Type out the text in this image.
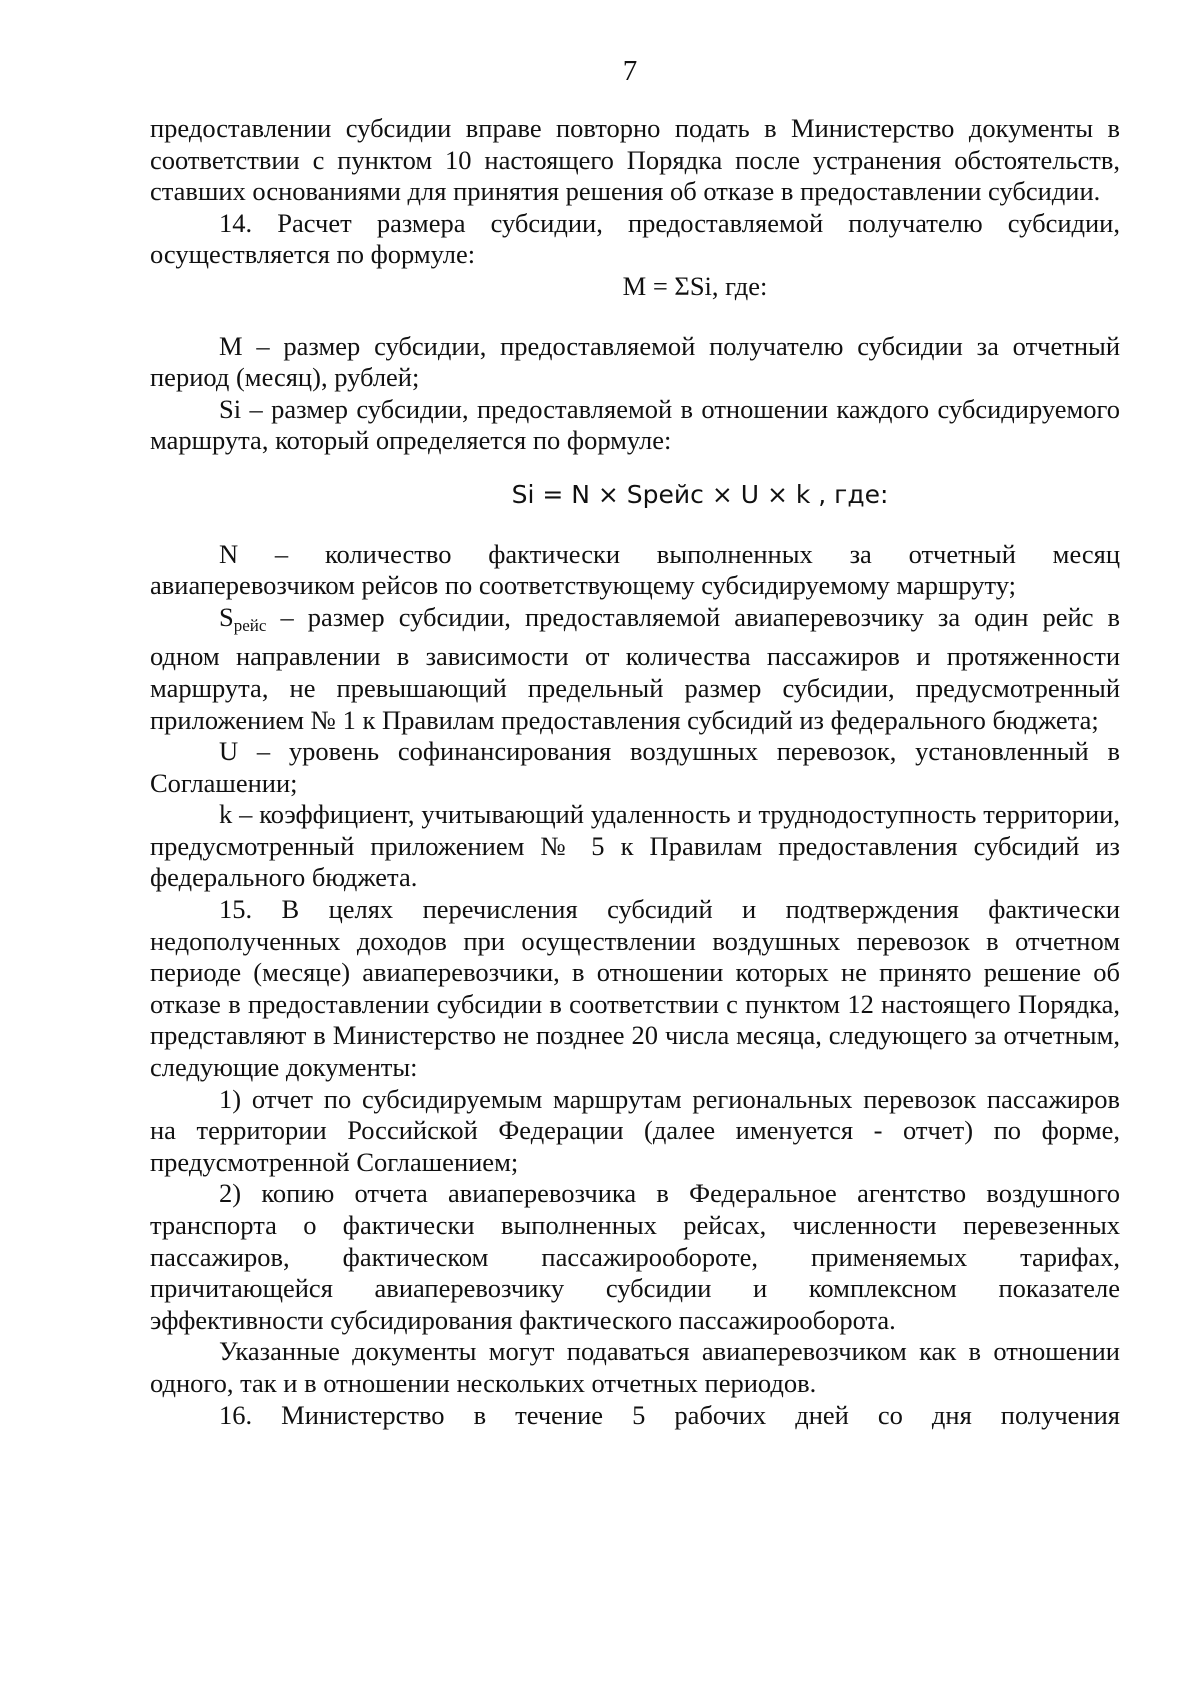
7

предоставлении субсидии вправе повторно подать в Министерство документы в соответствии с пунктом 10 настоящего Порядка после устранения обстоятельств, ставших основаниями для принятия решения об отказе в предоставлении субсидии.

14. Расчет размера субсидии, предоставляемой получателю субсидии, осуществляется по формуле:

M = ΣSi, где:

M – размер субсидии, предоставляемой получателю субсидии за отчетный период (месяц), рублей;

Si – размер субсидии, предоставляемой в отношении каждого субсидируемого маршрута, который определяется по формуле:

Si = N × Sрейс × U × k , где:

N – количество фактически выполненных за отчетный месяц авиаперевозчиком рейсов по соответствующему субсидируемому маршруту;

$S_{рейс}$ – размер субсидии, предоставляемой авиаперевозчику за один рейс в одном направлении в зависимости от количества пассажиров и протяженности маршрута, не превышающий предельный размер субсидии, предусмотренный приложением № 1 к Правилам предоставления субсидий из федерального бюджета;

U – уровень софинансирования воздушных перевозок, установленный в Соглашении;

k – коэффициент, учитывающий удаленность и труднодоступность территории, предусмотренный приложением № 5 к Правилам предоставления субсидий из федерального бюджета.

15. В целях перечисления субсидий и подтверждения фактически недополученных доходов при осуществлении воздушных перевозок в отчетном периоде (месяце) авиаперевозчики, в отношении которых не принято решение об отказе в предоставлении субсидии в соответствии с пунктом 12 настоящего Порядка, представляют в Министерство не позднее 20 числа месяца, следующего за отчетным, следующие документы:

1) отчет по субсидируемым маршрутам региональных перевозок пассажиров на территории Российской Федерации (далее именуется - отчет) по форме, предусмотренной Соглашением;

2) копию отчета авиаперевозчика в Федеральное агентство воздушного транспорта о фактически выполненных рейсах, численности перевезенных пассажиров, фактическом пассажирообороте, применяемых тарифах, причитающейся авиаперевозчику субсидии и комплексном показателе эффективности субсидирования фактического пассажирооборота.

Указанные документы могут подаваться авиаперевозчиком как в отношении одного, так и в отношении нескольких отчетных периодов.

16. Министерство в течение 5 рабочих дней со дня получения
